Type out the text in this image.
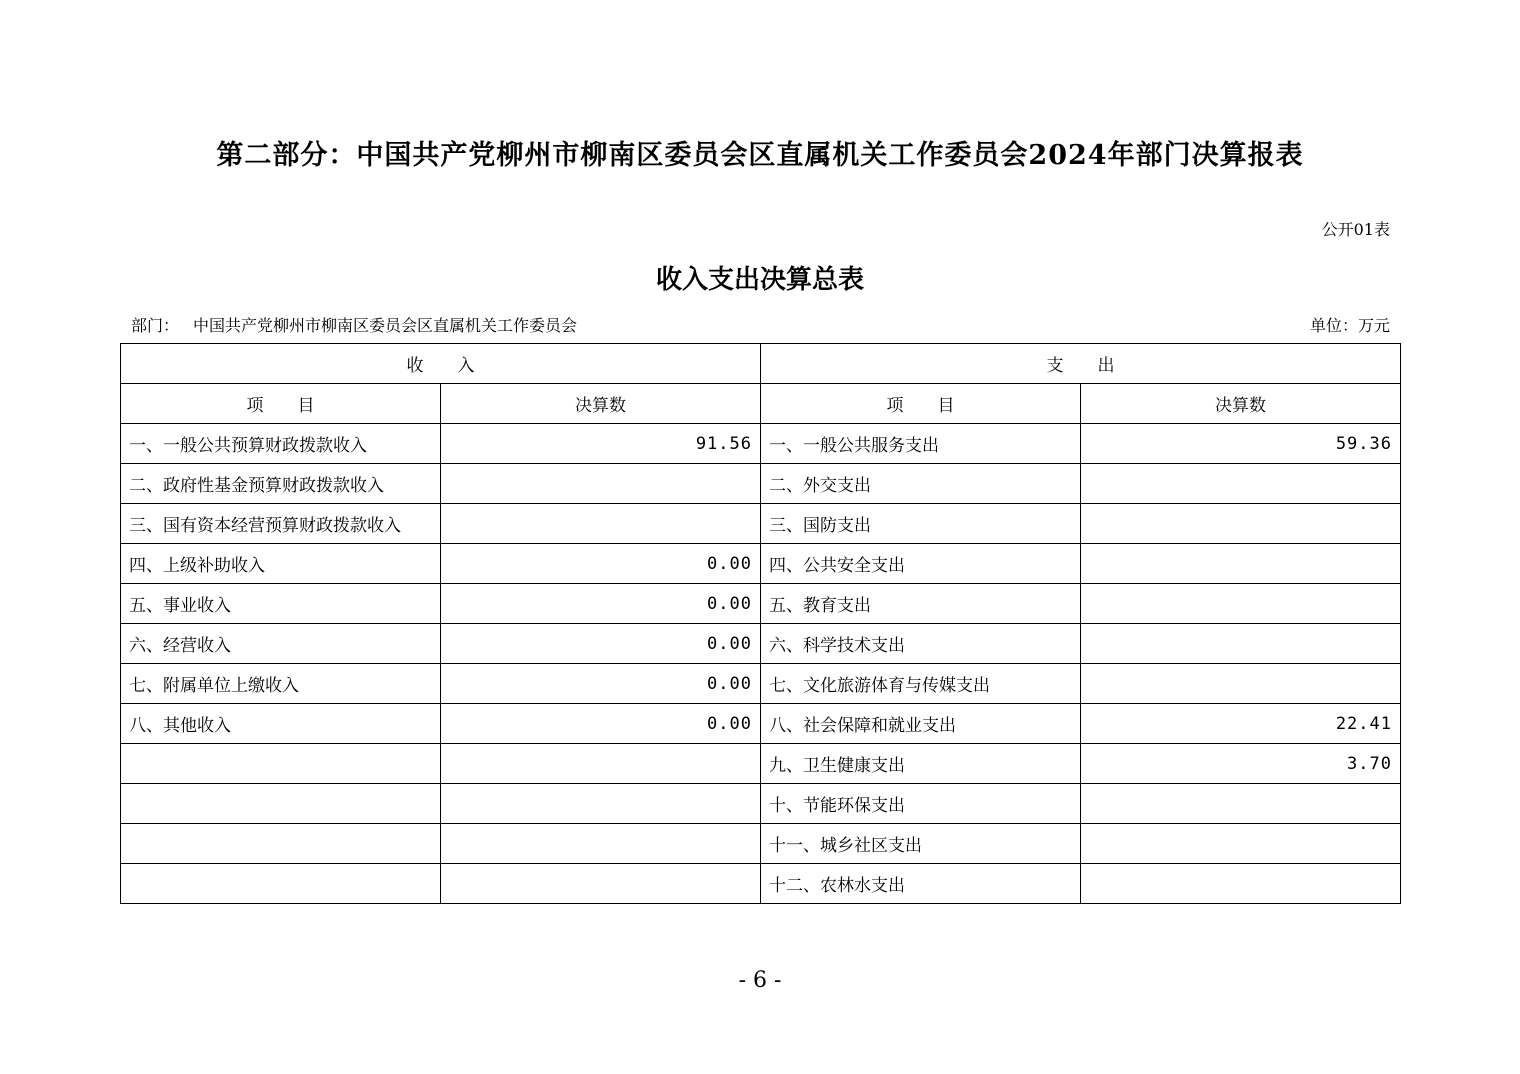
第二部分：中国共产党柳州市柳南区委员会区直属机关工作委员会2024年部门决算报表
公开01表
收入支出决算总表
部门： 中国共产党柳州市柳南区委员会区直属机关工作委员会	单位：万元
收　　入		支　　出	
项　　目	决算数	项　　目	决算数
一、一般公共预算财政拨款收入	91.56	一、一般公共服务支出	59.36
二、政府性基金预算财政拨款收入		二、外交支出	
三、国有资本经营预算财政拨款收入		三、国防支出	
四、上级补助收入	0.00	四、公共安全支出	
五、事业收入	0.00	五、教育支出	
六、经营收入	0.00	六、科学技术支出	
七、附属单位上缴收入	0.00	七、文化旅游体育与传媒支出	
八、其他收入	0.00	八、社会保障和就业支出	22.41
		九、卫生健康支出	3.70
		十、节能环保支出	
		十一、城乡社区支出	
		十二、农林水支出	
- 6 -
